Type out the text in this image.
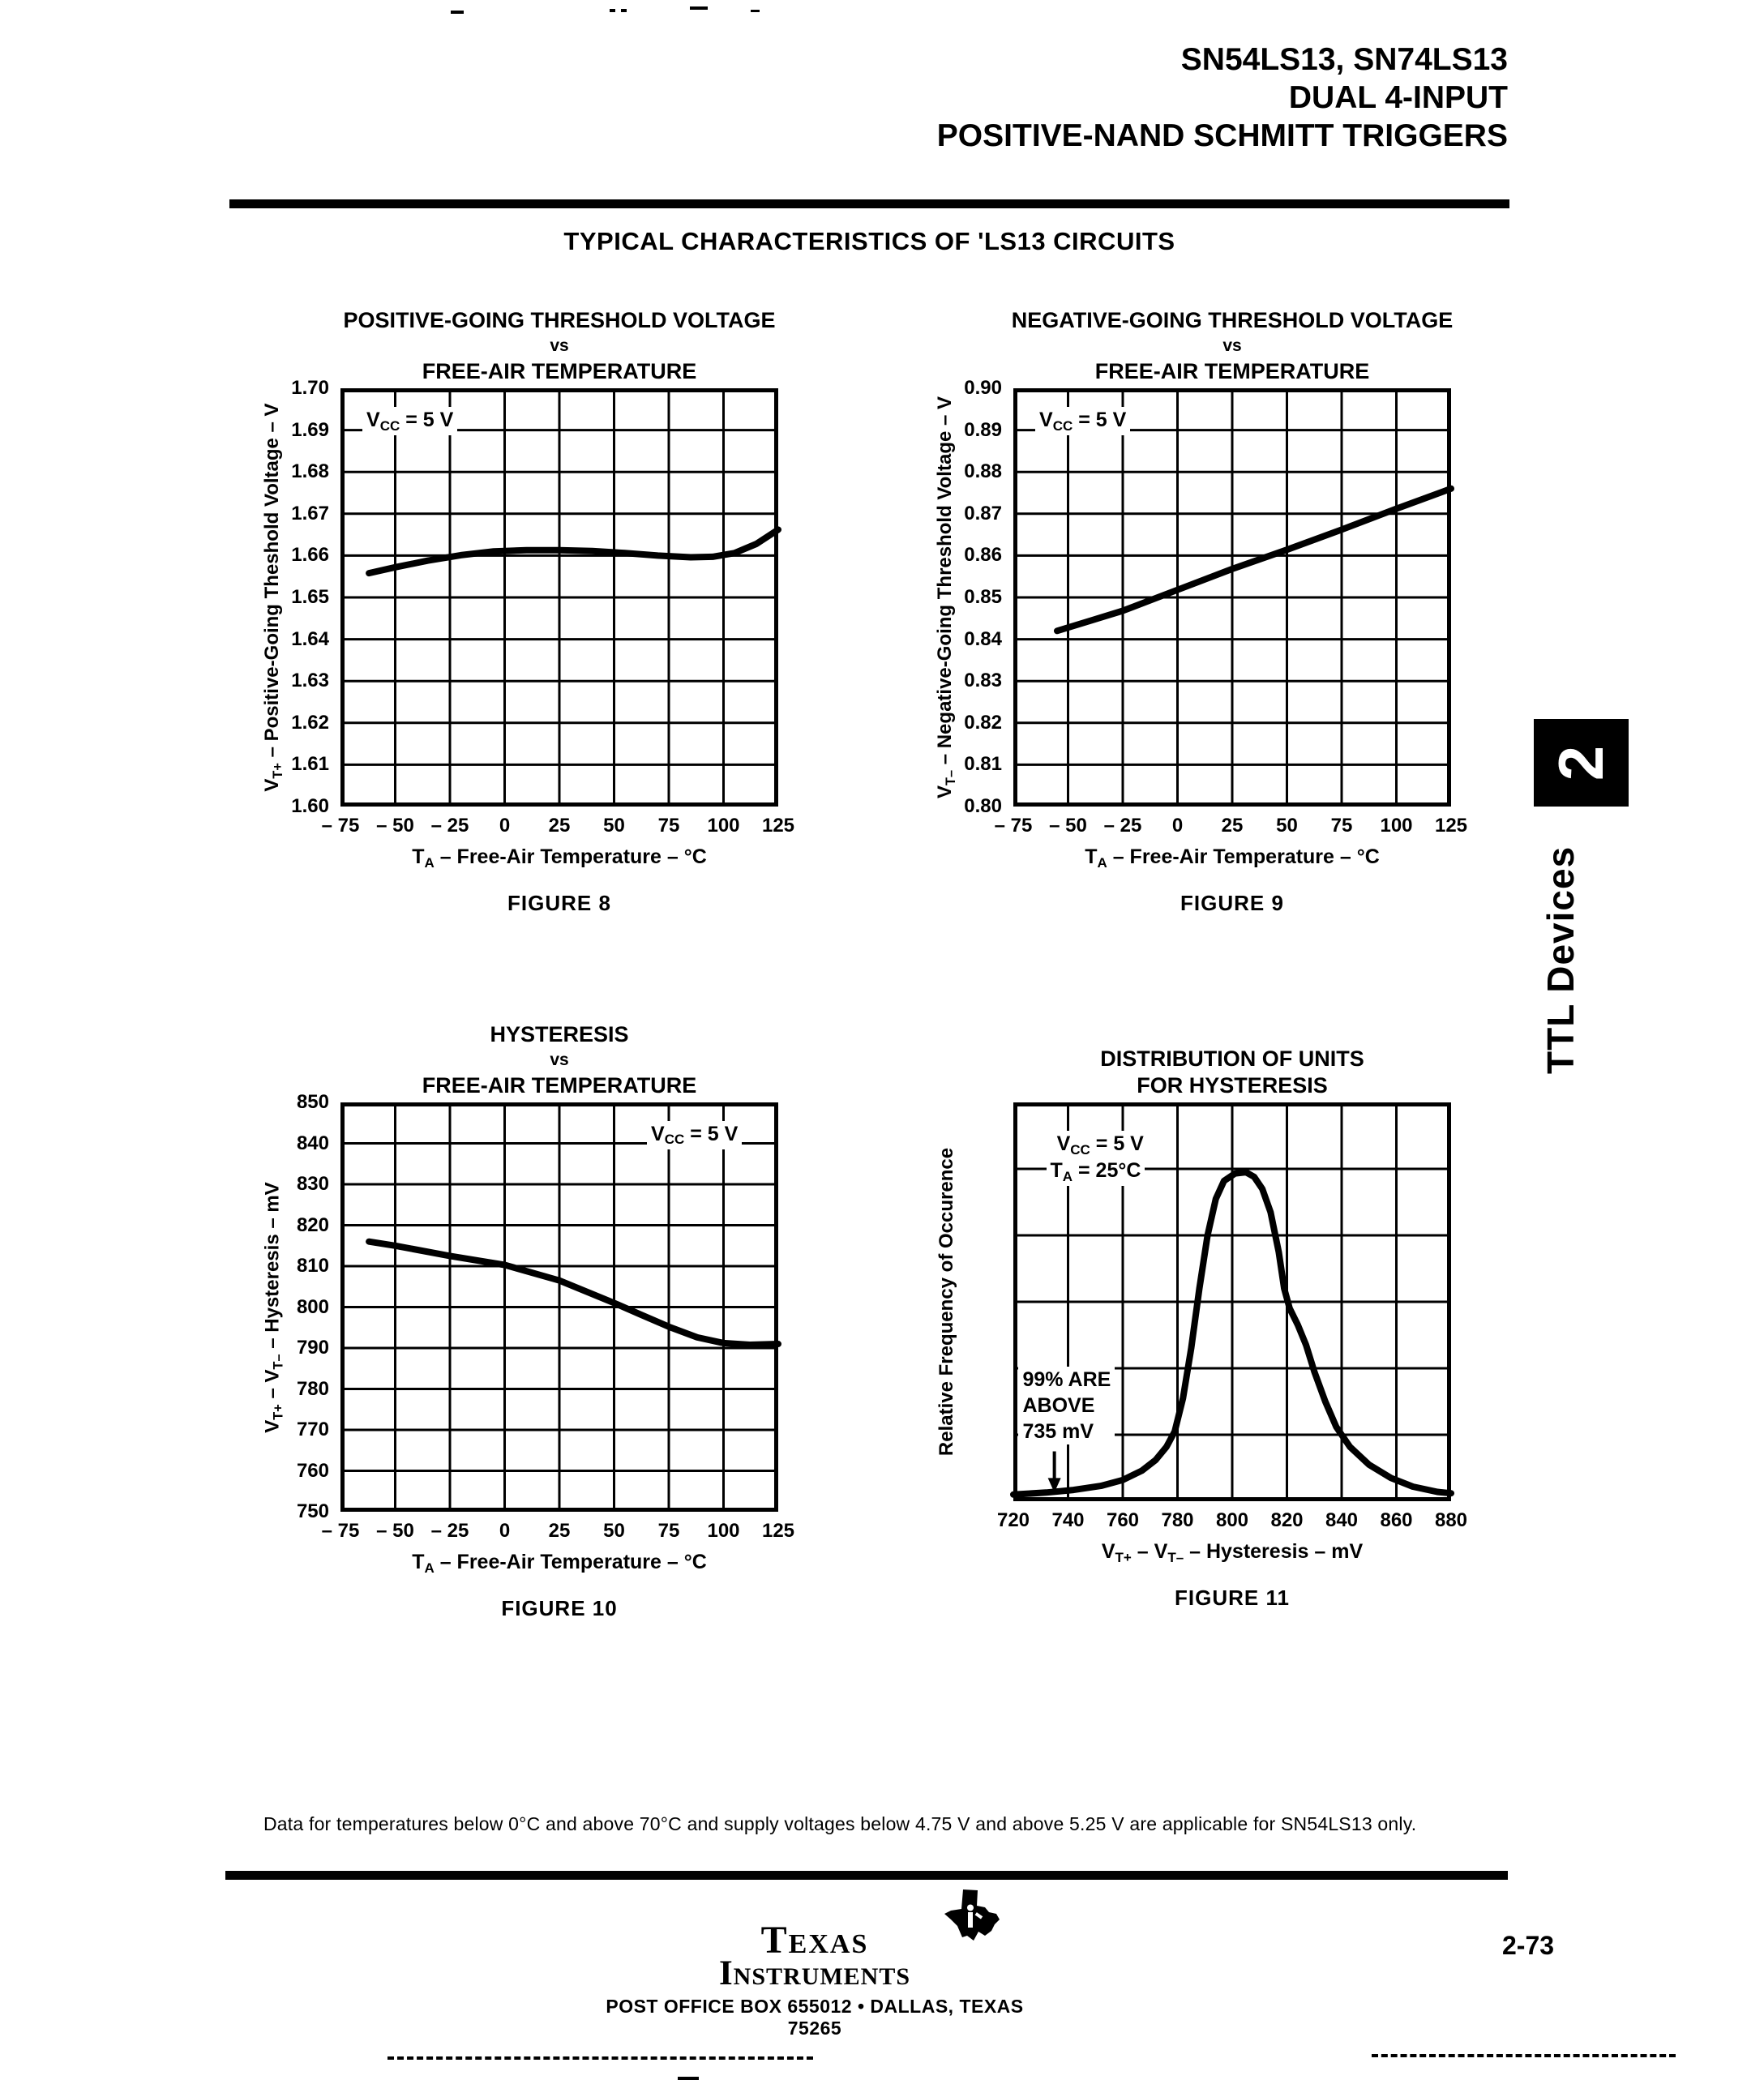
SN54LS13, SN74LS13
DUAL 4-INPUT
POSITIVE-NAND SCHMITT TRIGGERS
TYPICAL CHARACTERISTICS OF 'LS13 CIRCUITS
POSITIVE-GOING THRESHOLD VOLTAGE
vs
FREE-AIR TEMPERATURE
$V_{T+}$ – Positive-Going Theshold Voltage – V
1.70
1.69
1.68
1.67
1.66
1.65
1.64
1.63
1.62
1.61
1.60
– 75 – 50 – 25	0	25	50	75	100	125
$T_A$ – Free-Air Temperature – °C
FIGURE 8
$V_{CC} = 5$ V
NEGATIVE-GOING THRESHOLD VOLTAGE
vs
FREE-AIR TEMPERATURE
$V_{T-}$ – Negative-Going Threshold Voltage – V
0.90
0.89
0.88
0.87
0.86
0.85
0.84
0.83
0.82
0.81
0.80
– 75 – 50 – 25	0	25	50	75	100	125
$T_A$ – Free-Air Temperature – °C
FIGURE 9
$V_{CC} = 5$ V
HYSTERESIS
vs
FREE-AIR TEMPERATURE
$V_{T+} - V_{T-}$ – Hysteresis – mV
850
840
830
820
810
800
790
780
770
760
750
– 75 – 50 – 25	0	25	50	75	100	125
$T_A$ – Free-Air Temperature – °C
FIGURE 10
$V_{CC} = 5$ V
DISTRIBUTION OF UNITS
FOR HYSTERESIS
Relative Frequency of Occurence
720	740	760	780	800	820	840	860	880
$V_{T+} - V_{T-}$ – Hysteresis – mV
FIGURE 11
$V_{CC} = 5$ V
$T_A = 25^\circ C$
99% ARE
ABOVE
735 mV
2
TTL Devices
Data for temperatures below 0°C and above 70°C and supply voltages below 4.75 V and above 5.25 V are applicable for SN54LS13 only.
Texas
Instruments
POST OFFICE BOX 655012 • DALLAS, TEXAS 75265
2-73
